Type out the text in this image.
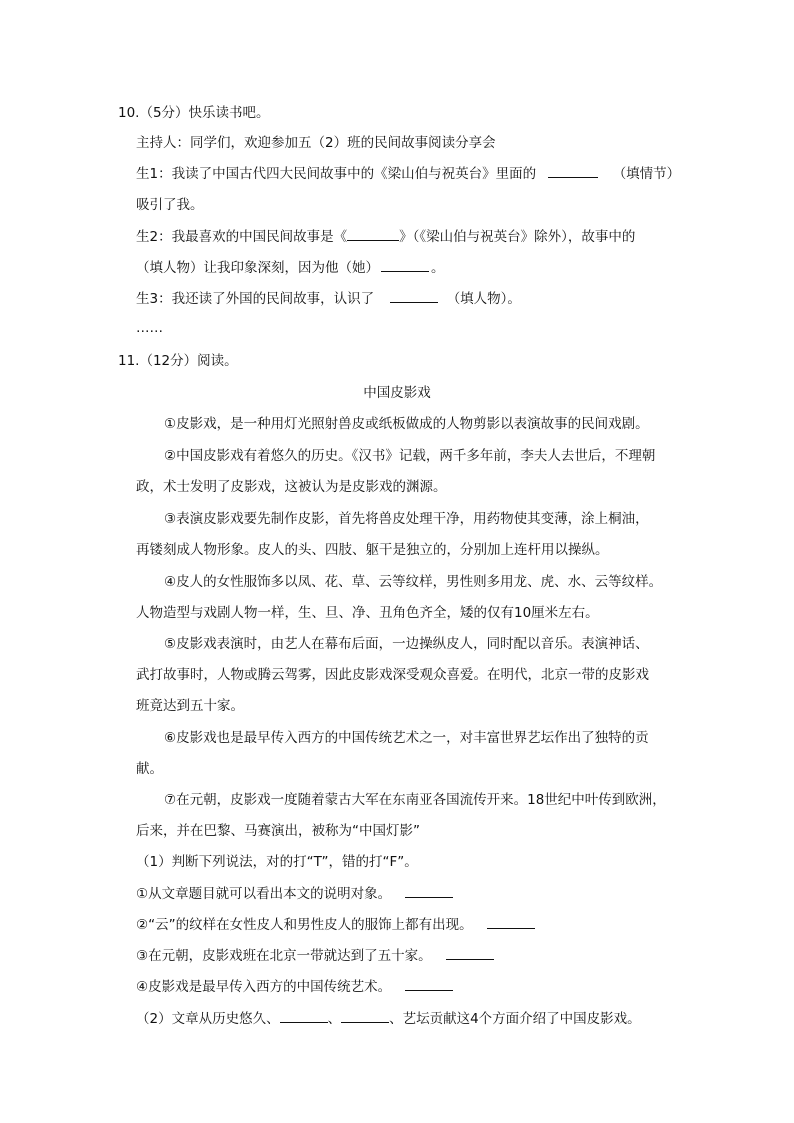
10.（5分）快乐读书吧。
主持人：同学们，欢迎参加五（2）班的民间故事阅读分享会
生1：我读了中国古代四大民间故事中的《梁山伯与祝英台》里面的	（填情节）
吸引了我。
生2：我最喜欢的中国民间故事是《	》（《梁山伯与祝英台》除外），故事中的
（填人物）让我印象深刻，因为他（她）	。
生3：我还读了外国的民间故事，认识了	（填人物）。
……
11.（12分）阅读。
中国皮影戏
①皮影戏，是一种用灯光照射兽皮或纸板做成的人物剪影以表演故事的民间戏剧。
②中国皮影戏有着悠久的历史。《汉书》记载，两千多年前，李夫人去世后，不理朝
政，术士发明了皮影戏，这被认为是皮影戏的渊源。
③表演皮影戏要先制作皮影，首先将兽皮处理干净，用药物使其变薄，涂上桐油，
再镂刻成人物形象。皮人的头、四肢、躯干是独立的，分别加上连杆用以操纵。
④皮人的女性服饰多以凤、花、草、云等纹样，男性则多用龙、虎、水、云等纹样。
人物造型与戏剧人物一样，生、旦、净、丑角色齐全，矮的仅有10厘米左右。
⑤皮影戏表演时，由艺人在幕布后面，一边操纵皮人，同时配以音乐。表演神话、
武打故事时，人物或腾云驾雾，因此皮影戏深受观众喜爱。在明代，北京一带的皮影戏
班竟达到五十家。
⑥皮影戏也是最早传入西方的中国传统艺术之一，对丰富世界艺坛作出了独特的贡
献。
⑦在元朝，皮影戏一度随着蒙古大军在东南亚各国流传开来。18世纪中叶传到欧洲，
后来，并在巴黎、马赛演出，被称为“中国灯影”
（1）判断下列说法，对的打“T”，错的打“F”。
①从文章题目就可以看出本文的说明对象。
②“云”的纹样在女性皮人和男性皮人的服饰上都有出现。
③在元朝，皮影戏班在北京一带就达到了五十家。
④皮影戏是最早传入西方的中国传统艺术。
（2）文章从历史悠久、	、	、艺坛贡献这4个方面介绍了中国皮影戏。
